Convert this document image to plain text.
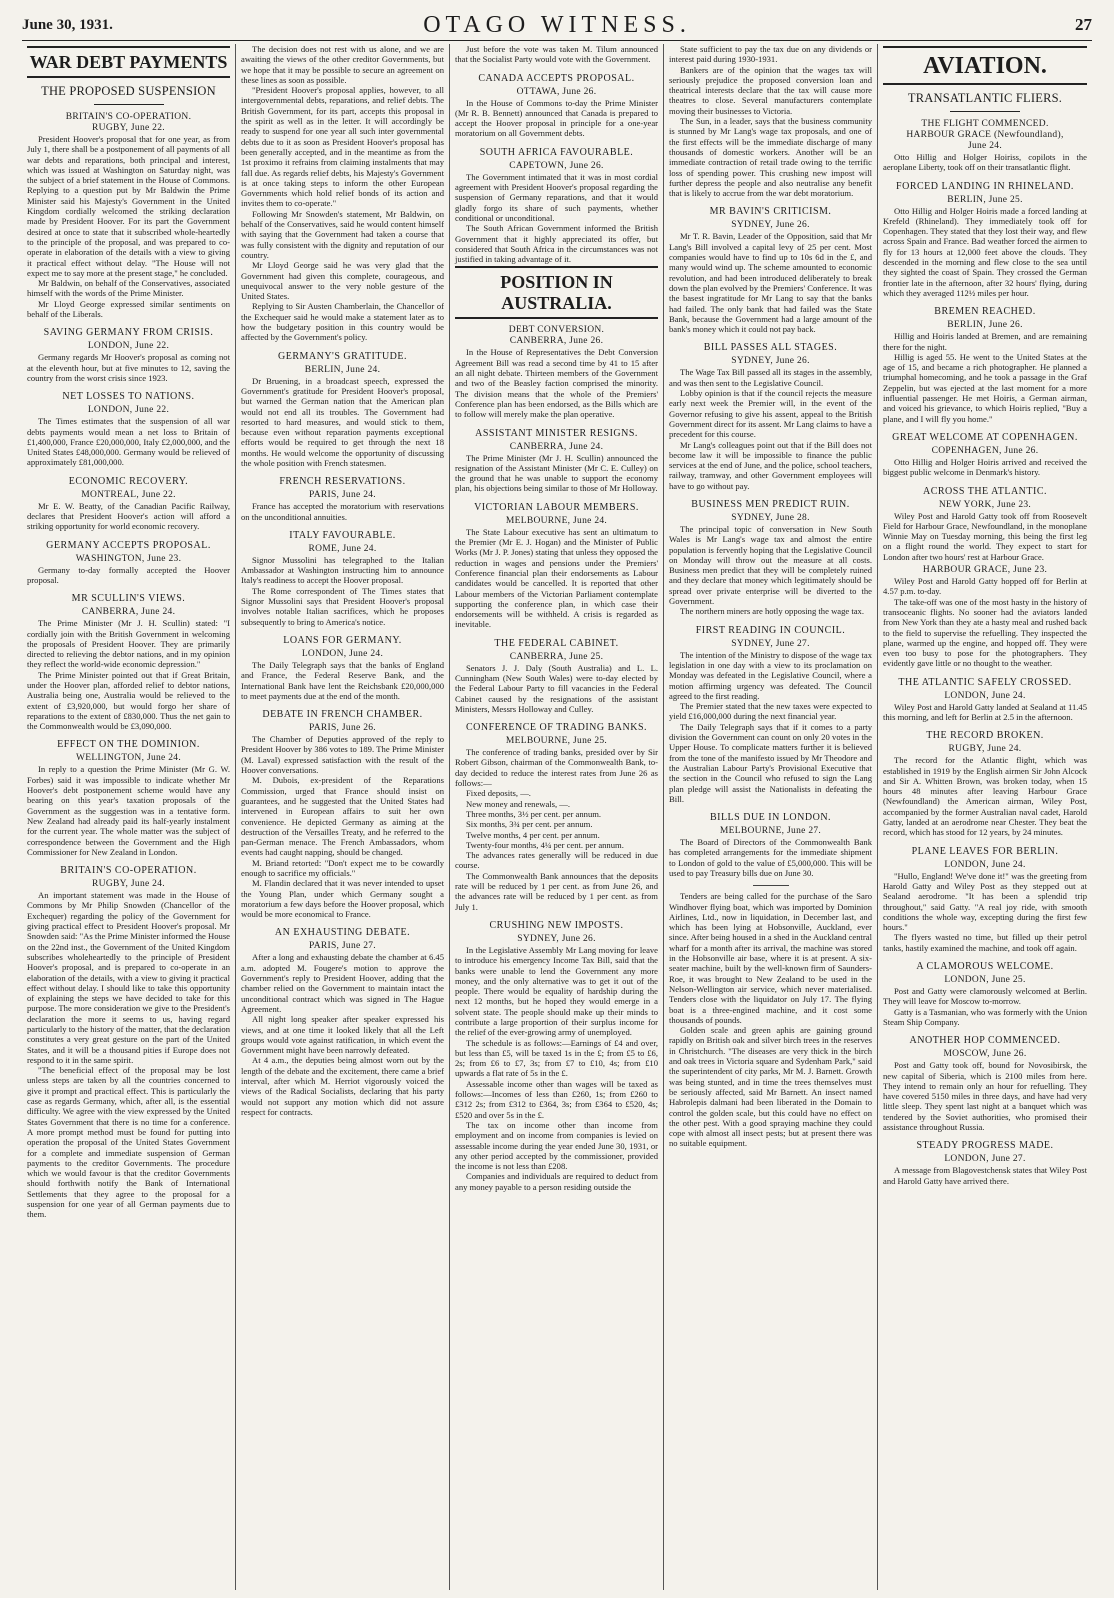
June 30, 1931.	OTAGO WITNESS.	27
WAR DEBT PAYMENTS
THE PROPOSED SUSPENSION
BRITAIN'S CO-OPERATION.
RUGBY, June 22.

President Hoover's proposal that for one year, as from July 1, there shall be a postponement of all payments of all war debts and reparations, both principal and interest, which was issued at Washington on Saturday night, was the subject of a brief statement in the House of Commons. Replying to a question put by Mr Baldwin the Prime Minister said his Majesty's Government in the United Kingdom cordially welcomed the striking declaration made by President Hoover. For its part the Government desired at once to state that it subscribed whole-heartedly to the principle of the proposal, and was prepared to co-operate in elaboration of the details with a view to giving it practical effect without delay. "The House will not expect me to say more at the present stage," he concluded.

Mr Baldwin, on behalf of the Conservatives, associated himself with the words of the Prime Minister.

Mr Lloyd George expressed similar sentiments on behalf of the Liberals.

SAVING GERMANY FROM CRISIS.
LONDON, June 22.

Germany regards Mr Hoover's proposal as coming not at the eleventh hour, but at five minutes to 12, saving the country from the worst crisis since 1923.

NET LOSSES TO NATIONS.
LONDON, June 22.

The Times estimates that the suspension of all war debts payments would mean a net loss to Britain of £1,400,000, France £20,000,000, Italy £2,000,000, and the United States £48,000,000. Germany would be relieved of approximately £81,000,000.

ECONOMIC RECOVERY.
MONTREAL, June 22.

Mr E. W. Beatty, of the Canadian Pacific Railway, declares that President Hoover's action will afford a striking opportunity for world economic recovery.

GERMANY ACCEPTS PROPOSAL.
WASHINGTON, June 23.

Germany to-day formally accepted the Hoover proposal.

MR SCULLIN'S VIEWS.
CANBERRA, June 24.

The Prime Minister (Mr J. H. Scullin) stated: "I cordially join with the British Government in welcoming the proposals of President Hoover. They are primarily directed to relieving the debtor nations, and in my opinion they reflect the world-wide economic depression."

The Prime Minister pointed out that if Great Britain, under the Hoover plan, afforded relief to debtor nations, Australia being one, Australia would be relieved to the extent of £3,920,000, but would forgo her share of reparations to the extent of £830,000. Thus the net gain to the Commonwealth would be £3,090,000.

EFFECT ON THE DOMINION.
WELLINGTON, June 24.

In reply to a question the Prime Minister (Mr G. W. Forbes) said it was impossible to indicate whether Mr Hoover's debt postponement scheme would have any bearing on this year's taxation proposals of the Government as the suggestion was in a tentative form. New Zealand had already paid its half-yearly instalment for the current year. The whole matter was the subject of correspondence between the Government and the High Commissioner for New Zealand in London.

BRITAIN'S CO-OPERATION.
RUGBY, June 24.

An important statement was made in the House of Commons by Mr Philip Snowden (Chancellor of the Exchequer) regarding the policy of the Government for giving practical effect to President Hoover's proposal. Mr Snowden said: "As the Prime Minister informed the House on the 22nd inst., the Government of the United Kingdom subscribes wholeheartedly to the principle of President Hoover's proposal, and is prepared to co-operate in an elaboration of the details, with a view to giving it practical effect without delay. I should like to take this opportunity of explaining the steps we have decided to take for this purpose. The more consideration we give to the President's declaration the more it seems to us, having regard particularly to the history of the matter, that the declaration constitutes a very great gesture on the part of the United States, and it will be a thousand pities if Europe does not respond to it in the same spirit.

"The beneficial effect of the proposal may be lost unless steps are taken by all the countries concerned to give it prompt and practical effect. This is particularly the case as regards Germany, which, after all, is the essential difficulty. We agree with the view expressed by the United States Government that there is no time for a conference. A more prompt method must be found for putting into operation the proposal of the United States Government for a complete and immediate suspension of German payments to the creditor Governments. The procedure which we would favour is that the creditor Governments should forthwith notify the Bank of International Settlements that they agree to the proposal for a suspension for one year of all German payments due to them.

The decision does not rest with us alone, and we are awaiting the views of the other creditor Governments, but we hope that it may be possible to secure an agreement on these lines as soon as possible.

"President Hoover's proposal applies, however, to all intergovernmental debts, reparations, and relief debts. The British Government, for its part, accepts this proposal in the spirit as well as in the letter. It will accordingly be ready to suspend for one year all such inter governmental debts due to it as soon as President Hoover's proposal has been generally accepted, and in the meantime as from the 1st proximo it refrains from claiming instalments that may fall due. As regards relief debts, his Majesty's Government is at once taking steps to inform the other European Governments which hold relief bonds of its action and invites them to co-operate."

Following Mr Snowden's statement, Mr Baldwin, on behalf of the Conservatives, said he would content himself with saying that the Government had taken a course that was fully consistent with the dignity and reputation of our country.

Mr Lloyd George said he was very glad that the Government had given this complete, courageous, and unequivocal answer to the very noble gesture of the United States.

Replying to Sir Austen Chamberlain, the Chancellor of the Exchequer said he would make a statement later as to how the budgetary position in this country would be affected by the Government's policy.

GERMANY'S GRATITUDE.
BERLIN, June 24.

Dr Bruening, in a broadcast speech, expressed the Government's gratitude for President Hoover's proposal, but warned the German nation that the American plan would not end all its troubles. The Government had resorted to hard measures, and would stick to them, because even without reparation payments exceptional efforts would be required to get through the next 18 months. He would welcome the opportunity of discussing the whole position with French statesmen.

FRENCH RESERVATIONS.
PARIS, June 24.

France has accepted the moratorium with reservations on the unconditional annuities.

ITALY FAVOURABLE.
ROME, June 24.

Signor Mussolini has telegraphed to the Italian Ambassador at Washington instructing him to announce Italy's readiness to accept the Hoover proposal.

The Rome correspondent of The Times states that Signor Mussolini says that President Hoover's proposal involves notable Italian sacrifices, which he proposes subsequently to bring to America's notice.

LOANS FOR GERMANY.
LONDON, June 24.

The Daily Telegraph says that the banks of England and France, the Federal Reserve Bank, and the International Bank have lent the Reichsbank £20,000,000 to meet payments due at the end of the month.

DEBATE IN FRENCH CHAMBER.
PARIS, June 26.

The Chamber of Deputies approved of the reply to President Hoover by 386 votes to 189. The Prime Minister (M. Laval) expressed satisfaction with the result of the Hoover conversations.

M. Dubois, ex-president of the Reparations Commission, urged that France should insist on guarantees, and he suggested that the United States had intervened in European affairs to suit her own convenience. He depicted Germany as aiming at the destruction of the Versailles Treaty, and he referred to the pan-German menace. The French Ambassadors, whom events had caught napping, should be changed.

M. Briand retorted: "Don't expect me to be cowardly enough to sacrifice my officials."

M. Flandin declared that it was never intended to upset the Young Plan, under which Germany sought a moratorium a few days before the Hoover proposal, which would be more economical to France.

AN EXHAUSTING DEBATE.
PARIS, June 27.

After a long and exhausting debate the chamber at 6.45 a.m. adopted M. Fougere's motion to approve the Government's reply to President Hoover, adding that the chamber relied on the Government to maintain intact the unconditional contract which was signed in The Hague Agreement.

All night long speaker after speaker expressed his views, and at one time it looked likely that all the Left groups would vote against ratification, in which event the Government might have been narrowly defeated.

At 4 a.m., the deputies being almost worn out by the length of the debate and the excitement, there came a brief interval, after which M. Herriot vigorously voiced the views of the Radical Socialists, declaring that his party would not support any motion which did not assure respect for contracts.

Just before the vote was taken M. Tilum announced that the Socialist Party would vote with the Government.

CANADA ACCEPTS PROPOSAL.
OTTAWA, June 26.

In the House of Commons to-day the Prime Minister (Mr R. B. Bennett) announced that Canada is prepared to accept the Hoover proposal in principle for a one-year moratorium on all Government debts.

SOUTH AFRICA FAVOURABLE.
CAPETOWN, June 26.

The Government intimated that it was in most cordial agreement with President Hoover's proposal regarding the suspension of Germany reparations, and that it would gladly forgo its share of such payments, whether conditional or unconditional.

The South African Government informed the British Government that it highly appreciated its offer, but considered that South Africa in the circumstances was not justified in taking advantage of it.

POSITION IN AUSTRALIA.
DEBT CONVERSION.
CANBERRA, June 26.

In the House of Representatives the Debt Conversion Agreement Bill was read a second time by 41 to 15 after an all night debate. Thirteen members of the Government and two of the Beasley faction comprised the minority. The division means that the whole of the Premiers' Conference plan has been endorsed, as the Bills which are to follow will merely make the plan operative.

ASSISTANT MINISTER RESIGNS.
CANBERRA, June 24.

The Prime Minister (Mr J. H. Scullin) announced the resignation of the Assistant Minister (Mr C. E. Culley) on the ground that he was unable to support the economy plan, his objections being similar to those of Mr Holloway.

VICTORIAN LABOUR MEMBERS.
MELBOURNE, June 24.

The State Labour executive has sent an ultimatum to the Premier (Mr E. J. Hogan) and the Minister of Public Works (Mr J. P. Jones) stating that unless they opposed the reduction in wages and pensions under the Premiers' Conference financial plan their endorsements as Labour candidates would be cancelled. It is reported that other Labour members of the Victorian Parliament contemplate supporting the conference plan, in which case their endorsements will be withheld. A crisis is regarded as inevitable.

THE FEDERAL CABINET.
CANBERRA, June 25.

Senators J. J. Daly (South Australia) and L. L. Cunningham (New South Wales) were to-day elected by the Federal Labour Party to fill vacancies in the Federal Cabinet caused by the resignations of the assistant Ministers, Messrs Holloway and Culley.

CONFERENCE OF TRADING BANKS.
MELBOURNE, June 25.

The conference of trading banks, presided over by Sir Robert Gibson, chairman of the Commonwealth Bank, to-day decided to reduce the interest rates from June 26 as follows:—

Fixed deposits, —.

New money and renewals, —.

Three months, 3½ per cent. per annum.

Six months, 3¾ per cent. per annum.

Twelve months, 4 per cent. per annum.

Twenty-four months, 4¼ per cent. per annum.

The advances rates generally will be reduced in due course.

The Commonwealth Bank announces that the deposits rate will be reduced by 1 per cent. as from June 26, and the advances rate will be reduced by 1 per cent. as from July 1.

CRUSHING NEW IMPOSTS.
SYDNEY, June 26.

In the Legislative Assembly Mr Lang moving for leave to introduce his emergency Income Tax Bill, said that the banks were unable to lend the Government any more money, and the only alternative was to get it out of the people. There would be equality of hardship during the next 12 months, but he hoped they would emerge in a solvent state. The people should make up their minds to contribute a large proportion of their surplus income for the relief of the ever-growing army of unemployed.

The schedule is as follows:—Earnings of £4 and over, but less than £5, will be taxed 1s in the £; from £5 to £6, 2s; from £6 to £7, 3s; from £7 to £10, 4s; from £10 upwards a flat rate of 5s in the £.

Assessable income other than wages will be taxed as follows:—Incomes of less than £260, 1s; from £260 to £312 2s; from £312 to £364, 3s; from £364 to £520, 4s; £520 and over 5s in the £.

The tax on income other than income from employment and on income from companies is levied on assessable income during the year ended June 30, 1931, or any other period accepted by the commissioner, provided the income is not less than £208.

Companies and individuals are required to deduct from any money payable to a person residing outside the

State sufficient to pay the tax due on any dividends or interest paid during 1930-1931.

Bankers are of the opinion that the wages tax will seriously prejudice the proposed conversion loan and theatrical interests declare that the tax will cause more theatres to close. Several manufacturers contemplate moving their businesses to Victoria.

The Sun, in a leader, says that the business community is stunned by Mr Lang's wage tax proposals, and one of the first effects will be the immediate discharge of many thousands of domestic workers. Another will be an immediate contraction of retail trade owing to the terrific loss of spending power. This crushing new impost will further depress the people and also neutralise any benefit that is likely to accrue from the war debt moratorium.

MR BAVIN'S CRITICISM.
SYDNEY, June 26.

Mr T. R. Bavin, Leader of the Opposition, said that Mr Lang's Bill involved a capital levy of 25 per cent. Most companies would have to find up to 10s 6d in the £, and many would wind up. The scheme amounted to economic revolution, and had been introduced deliberately to break down the plan evolved by the Premiers' Conference. It was the basest ingratitude for Mr Lang to say that the banks had failed. The only bank that had failed was the State Bank, because the Government had a large amount of the bank's money which it could not pay back.

BILL PASSES ALL STAGES.
SYDNEY, June 26.

The Wage Tax Bill passed all its stages in the assembly, and was then sent to the Legislative Council.

Lobby opinion is that if the council rejects the measure early next week the Premier will, in the event of the Governor refusing to give his assent, appeal to the British Government direct for its assent. Mr Lang claims to have a precedent for this course.

Mr Lang's colleagues point out that if the Bill does not become law it will be impossible to finance the public services at the end of June, and the police, school teachers, railway, tramway, and other Government employees will have to go without pay.

BUSINESS MEN PREDICT RUIN.
SYDNEY, June 28.

The principal topic of conversation in New South Wales is Mr Lang's wage tax and almost the entire population is fervently hoping that the Legislative Council on Monday will throw out the measure at all costs. Business men predict that they will be completely ruined and they declare that money which legitimately should be spread over private enterprise will be diverted to the Government.

The northern miners are hotly opposing the wage tax.

FIRST READING IN COUNCIL.
SYDNEY, June 27.

The intention of the Ministry to dispose of the wage tax legislation in one day with a view to its proclamation on Monday was defeated in the Legislative Council, where a motion affirming urgency was defeated. The Council agreed to the first reading.

The Premier stated that the new taxes were expected to yield £16,000,000 during the next financial year.

The Daily Telegraph says that if it comes to a party division the Government can count on only 20 votes in the Upper House. To complicate matters further it is believed from the tone of the manifesto issued by Mr Theodore and the Australian Labour Party's Provisional Executive that the section in the Council who refused to sign the Lang plan pledge will assist the Nationalists in defeating the Bill.

BILLS DUE IN LONDON.
MELBOURNE, June 27.

The Board of Directors of the Commonwealth Bank has completed arrangements for the immediate shipment to London of gold to the value of £5,000,000. This will be used to pay Treasury bills due on June 30.

Tenders are being called for the purchase of the Saro Windhover flying boat, which was imported by Dominion Airlines, Ltd., now in liquidation, in December last, and which has been lying at Hobsonville, Auckland, ever since. After being housed in a shed in the Auckland central wharf for a month after its arrival, the machine was stored in the Hobsonville air base, where it is at present. A six-seater machine, built by the well-known firm of Saunders-Roe, it was brought to New Zealand to be used in the Nelson-Wellington air service, which never materialised. Tenders close with the liquidator on July 17. The flying boat is a three-engined machine, and it cost some thousands of pounds.

Golden scale and green aphis are gaining ground rapidly on British oak and silver birch trees in the reserves in Christchurch. "The diseases are very thick in the birch and oak trees in Victoria square and Sydenham Park," said the superintendent of city parks, Mr M. J. Barnett. Growth was being stunted, and in time the trees themselves must be seriously affected, said Mr Barnett. An insect named Habrolepis dalmani had been liberated in the Domain to control the golden scale, but this could have no effect on the other pest. With a good spraying machine they could cope with almost all insect pests; but at present there was no suitable equipment.

AVIATION.
TRANSATLANTIC FLIERS.
THE FLIGHT COMMENCED.
HARBOUR GRACE (Newfoundland),
June 24.

Otto Hillig and Holger Hoiriss, copilots in the aeroplane Liberty, took off on their transatlantic flight.

FORCED LANDING IN RHINELAND.
BERLIN, June 25.

Otto Hillig and Holger Hoiris made a forced landing at Krefeld (Rhineland). They immediately took off for Copenhagen. They stated that they lost their way, and flew across Spain and France. Bad weather forced the airmen to fly for 13 hours at 12,000 feet above the clouds. They descended in the morning and flew close to the sea until they sighted the coast of Spain. They crossed the German frontier late in the afternoon, after 32 hours' flying, during which they averaged 112½ miles per hour.

BREMEN REACHED.
BERLIN, June 26.

Hillig and Hoiris landed at Bremen, and are remaining there for the night.

Hillig is aged 55. He went to the United States at the age of 15, and became a rich photographer. He planned a triumphal homecoming, and he took a passage in the Graf Zeppelin, but was ejected at the last moment for a more influential passenger. He met Hoiris, a German airman, and voiced his grievance, to which Hoiris replied, "Buy a plane, and I will fly you home."

GREAT WELCOME AT COPENHAGEN.
COPENHAGEN, June 26.

Otto Hillig and Holger Hoiris arrived and received the biggest public welcome in Denmark's history.

ACROSS THE ATLANTIC.
NEW YORK, June 23.

Wiley Post and Harold Gatty took off from Roosevelt Field for Harbour Grace, Newfoundland, in the monoplane Winnie May on Tuesday morning, this being the first leg on a flight round the world. They expect to start for London after two hours' rest at Harbour Grace.

HARBOUR GRACE, June 23.

Wiley Post and Harold Gatty hopped off for Berlin at 4.57 p.m. to-day.

The take-off was one of the most hasty in the history of transoceanic flights. No sooner had the aviators landed from New York than they ate a hasty meal and rushed back to the field to supervise the refuelling. They inspected the plane, warmed up the engine, and hopped off. They were even too busy to pose for the photographers. They evidently gave little or no thought to the weather.

THE ATLANTIC SAFELY CROSSED.
LONDON, June 24.

Wiley Post and Harold Gatty landed at Sealand at 11.45 this morning, and left for Berlin at 2.5 in the afternoon.

THE RECORD BROKEN.
RUGBY, June 24.

The record for the Atlantic flight, which was established in 1919 by the English airmen Sir John Alcock and Sir A. Whitten Brown, was broken today, when 15 hours 48 minutes after leaving Harbour Grace (Newfoundland) the American airman, Wiley Post, accompanied by the former Australian naval cadet, Harold Gatty, landed at an aerodrome near Chester. They beat the record, which has stood for 12 years, by 24 minutes.

PLANE LEAVES FOR BERLIN.
LONDON, June 24.

"Hullo, England! We've done it!" was the greeting from Harold Gatty and Wiley Post as they stepped out at Sealand aerodrome. "It has been a splendid trip throughout," said Gatty. "A real joy ride, with smooth conditions the whole way, excepting during the first few hours."

The flyers wasted no time, but filled up their petrol tanks, hastily examined the machine, and took off again.

A CLAMOROUS WELCOME.
LONDON, June 25.

Post and Gatty were clamorously welcomed at Berlin. They will leave for Moscow to-morrow.

Gatty is a Tasmanian, who was formerly with the Union Steam Ship Company.

ANOTHER HOP COMMENCED.
MOSCOW, June 26.

Post and Gatty took off, bound for Novosibirsk, the new capital of Siberia, which is 2100 miles from here. They intend to remain only an hour for refuelling. They have covered 5150 miles in three days, and have had very little sleep. They spent last night at a banquet which was tendered by the Soviet authorities, who promised their assistance throughout Russia.

STEADY PROGRESS MADE.
LONDON, June 27.

A message from Blagovestchensk states that Wiley Post and Harold Gatty have arrived there.
